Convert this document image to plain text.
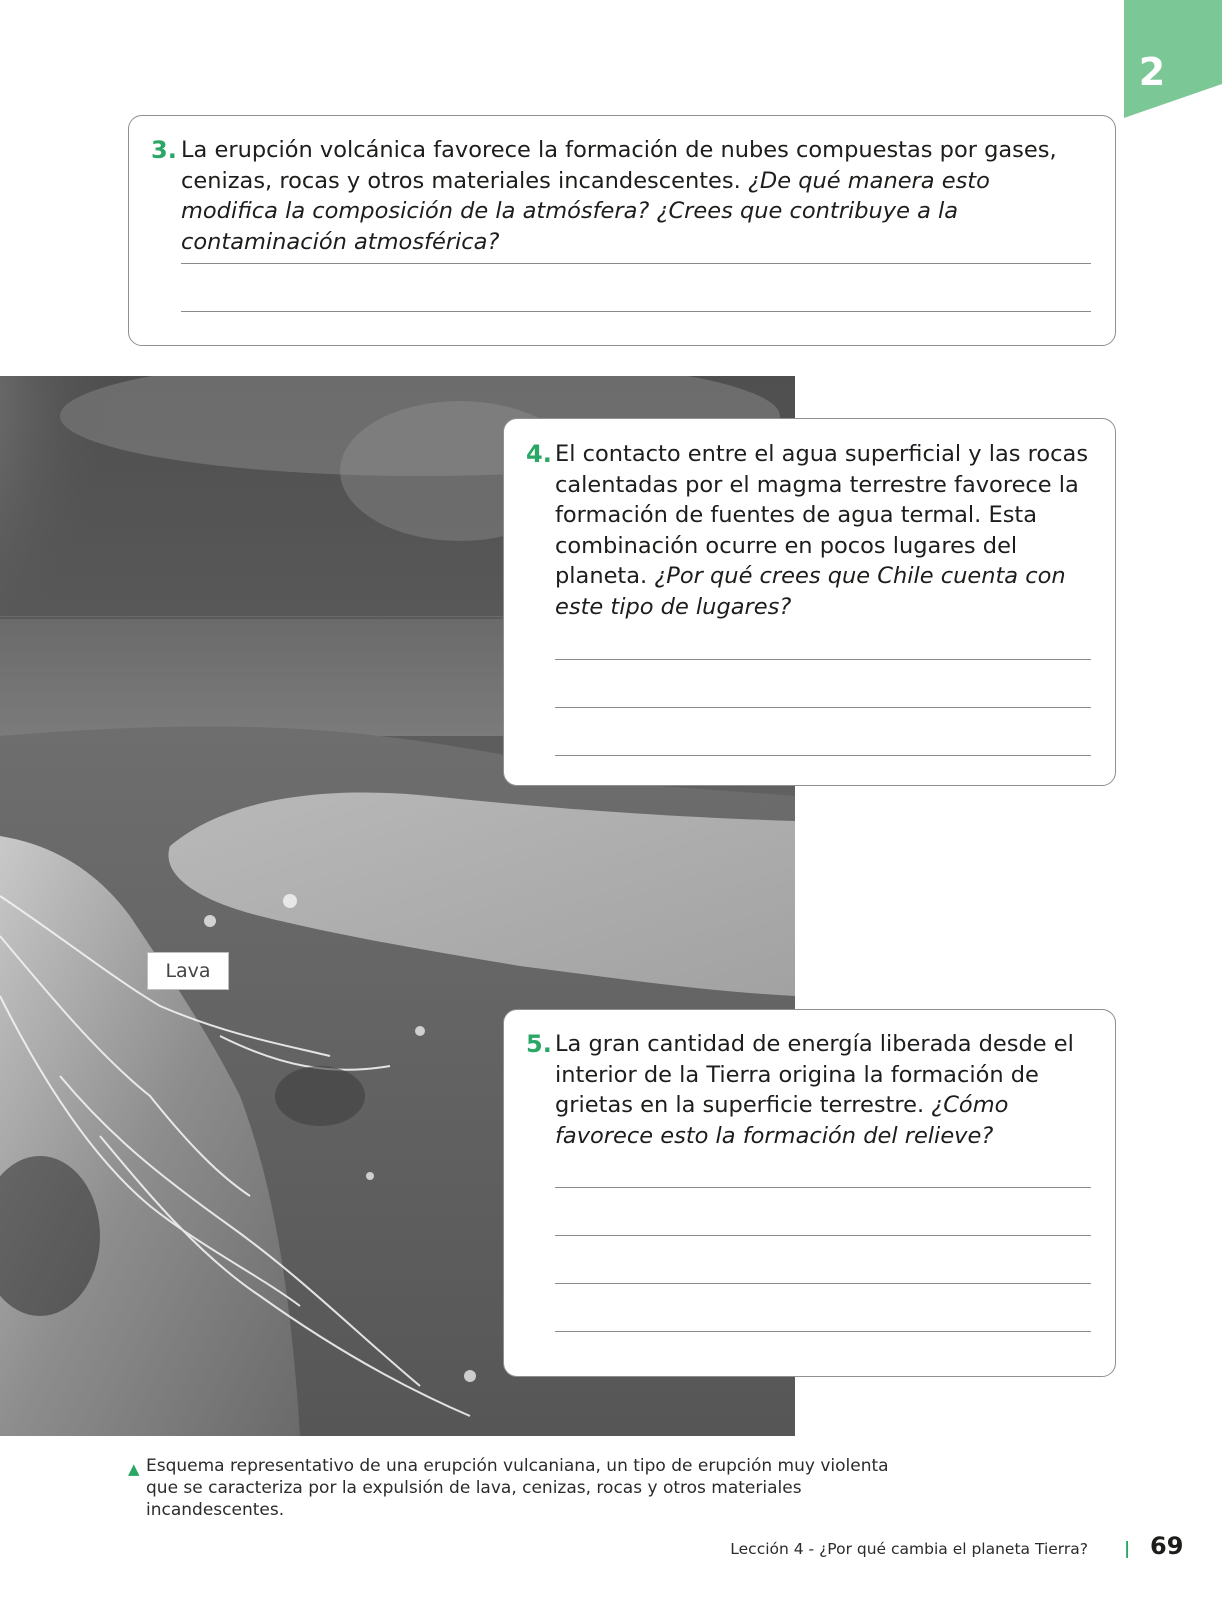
2
Lava
3. La erupción volcánica favorece la formación de nubes compuestas por gases, cenizas, rocas y otros materiales incandescentes. ¿De qué manera esto modifica la composición de la atmósfera? ¿Crees que contribuye a la contaminación atmosférica?
4. El contacto entre el agua superficial y las rocas calentadas por el magma terrestre favorece la formación de fuentes de agua termal. Esta combinación ocurre en pocos lugares del planeta. ¿Por qué crees que Chile cuenta con este tipo de lugares?
5. La gran cantidad de energía liberada desde el interior de la Tierra origina la formación de grietas en la superficie terrestre. ¿Cómo favorece esto la formación del relieve?
▲ Esquema representativo de una erupción vulcaniana, un tipo de erupción muy violenta que se caracteriza por la expulsión de lava, cenizas, rocas y otros materiales incandescentes.
Lección 4 - ¿Por qué cambia el planeta Tierra? | 69
